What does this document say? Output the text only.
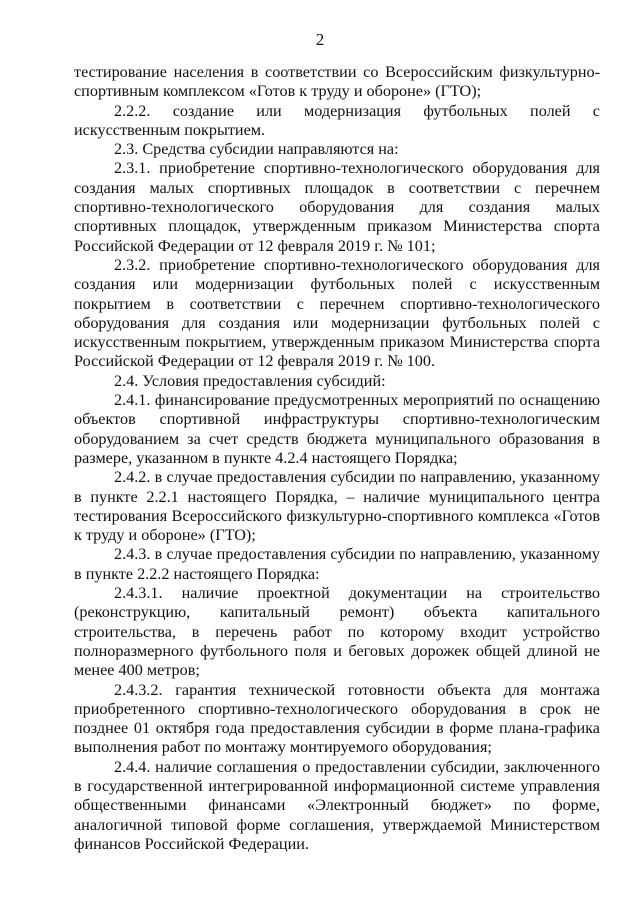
2

тестирование населения в соответствии со Всероссийским физкультурно-спортивным комплексом «Готов к труду и обороне» (ГТО);

2.2.2. создание или модернизация футбольных полей с искусственным покрытием.

2.3. Средства субсидии направляются на:

2.3.1. приобретение спортивно-технологического оборудования для создания малых спортивных площадок в соответствии с перечнем спортивно-технологического оборудования для создания малых спортивных площадок, утвержденным приказом Министерства спорта Российской Федерации от 12 февраля 2019 г. № 101;

2.3.2. приобретение спортивно-технологического оборудования для создания или модернизации футбольных полей с искусственным покрытием в соответствии с перечнем спортивно-технологического оборудования для создания или модернизации футбольных полей с искусственным покрытием, утвержденным приказом Министерства спорта Российской Федерации от 12 февраля 2019 г. № 100.

2.4. Условия предоставления субсидий:

2.4.1. финансирование предусмотренных мероприятий по оснащению объектов спортивной инфраструктуры спортивно-технологическим оборудованием за счет средств бюджета муниципального образования в размере, указанном в пункте 4.2.4 настоящего Порядка;

2.4.2. в случае предоставления субсидии по направлению, указанному в пункте 2.2.1 настоящего Порядка, – наличие муниципального центра тестирования Всероссийского физкультурно-спортивного комплекса «Готов к труду и обороне» (ГТО);

2.4.3. в случае предоставления субсидии по направлению, указанному в пункте 2.2.2 настоящего Порядка:

2.4.3.1. наличие проектной документации на строительство (реконструкцию, капитальный ремонт) объекта капитального строительства, в перечень работ по которому входит устройство полноразмерного футбольного поля и беговых дорожек общей длиной не менее 400 метров;

2.4.3.2. гарантия технической готовности объекта для монтажа приобретенного спортивно-технологического оборудования в срок не позднее 01 октября года предоставления субсидии в форме плана-графика выполнения работ по монтажу монтируемого оборудования;

2.4.4. наличие соглашения о предоставлении субсидии, заключенного в государственной интегрированной информационной системе управления общественными финансами «Электронный бюджет» по форме, аналогичной типовой форме соглашения, утверждаемой Министерством финансов Российской Федерации.
